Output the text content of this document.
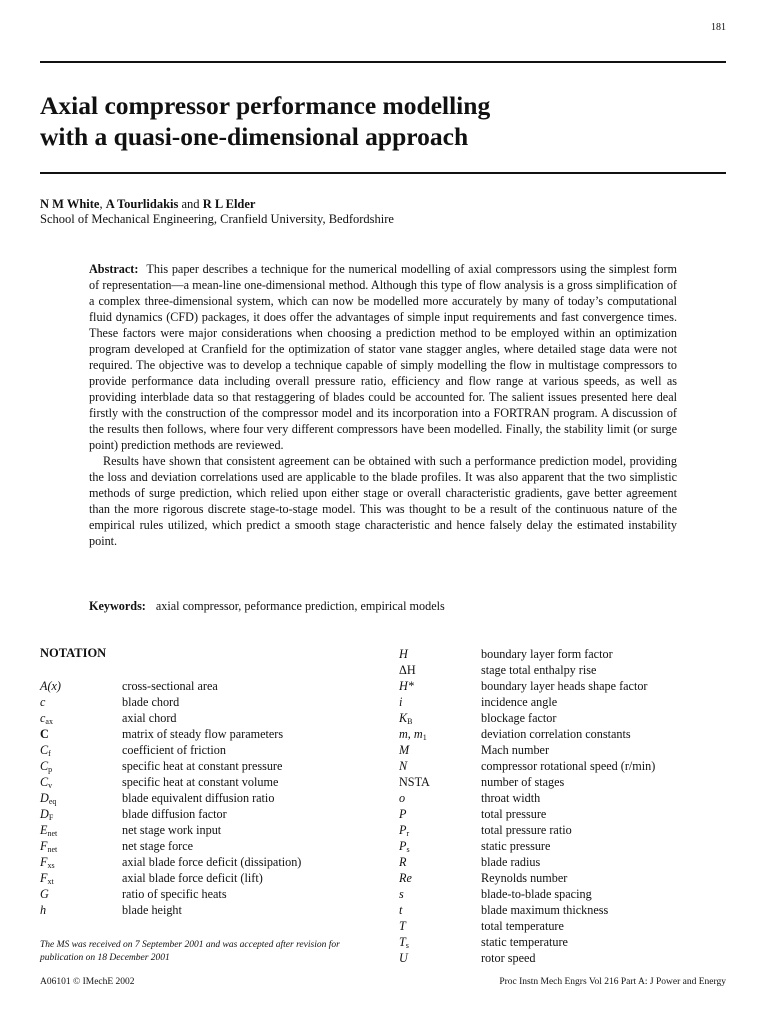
181
Axial compressor performance modelling
with a quasi-one-dimensional approach
N M White, A Tourlidakis and R L Elder
School of Mechanical Engineering, Cranfield University, Bedfordshire

Abstract: This paper describes a technique for the numerical modelling of axial compressors using the simplest form of representation—a mean-line one-dimensional method. Although this type of flow analysis is a gross simplification of a complex three-dimensional system, which can now be modelled more accurately by many of today’s computational fluid dynamics (CFD) packages, it does offer the advantages of simple input requirements and fast convergence times. These factors were major considerations when choosing a prediction method to be employed within an optimization program developed at Cranfield for the optimization of stator vane stagger angles, where detailed stage data were not required. The objective was to develop a technique capable of simply modelling the flow in multistage compressors to provide performance data including overall pressure ratio, efficiency and flow range at various speeds, as well as providing interblade data so that restaggering of blades could be accounted for. The salient issues presented here deal firstly with the construction of the compressor model and its incorporation into a FORTRAN program. A discussion of the results then follows, where four very different compressors have been modelled. Finally, the stability limit (or surge point) prediction methods are reviewed.

Results have shown that consistent agreement can be obtained with such a performance prediction model, providing the loss and deviation correlations used are applicable to the blade profiles. It was also apparent that the two simplistic methods of surge prediction, which relied upon either stage or overall characteristic gradients, gave better agreement than the more rigorous discrete stage-to-stage model. This was thought to be a result of the continuous nature of the empirical rules utilized, which predict a smooth stage characteristic and hence falsely delay the estimated instability point.

Keywords: axial compressor, peformance prediction, empirical models
NOTATION
A(x)	cross-sectional area
c	blade chord
$c_{ax}$	axial chord
C	matrix of steady flow parameters
$C_f$	coefficient of friction
$C_p$	specific heat at constant pressure
$C_v$	specific heat at constant volume
$D_{eq}$	blade equivalent diffusion ratio
$D_F$	blade diffusion factor
$E_{net}$	net stage work input
$F_{net}$	net stage force
$F_{xs}$	axial blade force deficit (dissipation)
$F_{xt}$	axial blade force deficit (lift)
G	ratio of specific heats
h	blade height
H	boundary layer form factor
ΔH	stage total enthalpy rise
H*	boundary layer heads shape factor
i	incidence angle
$K_B$	blockage factor
m, $m_1$	deviation correlation constants
M	Mach number
N	compressor rotational speed (r/min)
NSTA	number of stages
o	throat width
P	total pressure
$P_r$	total pressure ratio
$P_s$	static pressure
R	blade radius
Re	Reynolds number
s	blade-to-blade spacing
t	blade maximum thickness
T	total temperature
$T_s$	static temperature
U	rotor speed
The MS was received on 7 September 2001 and was accepted after revision for publication on 18 December 2001
A06101 © IMechE 2002	Proc Instn Mech Engrs Vol 216 Part A: J Power and Energy
